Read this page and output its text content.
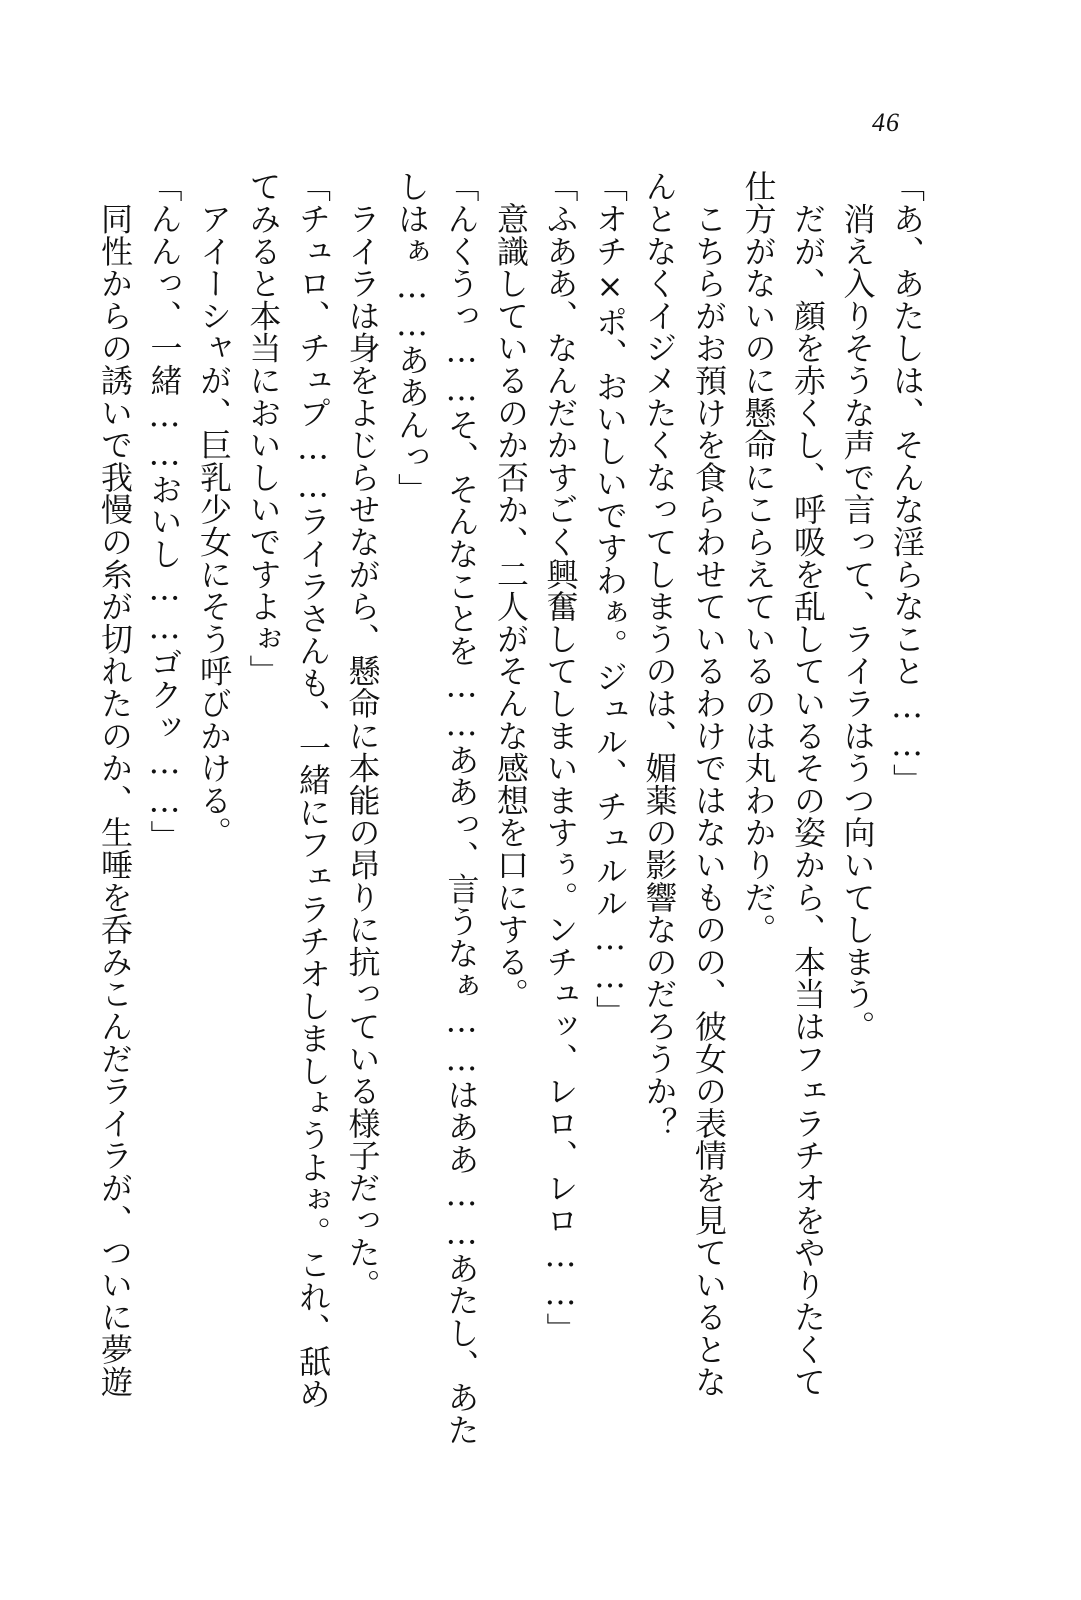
46
「あ、あたしは、そんな淫らなこと……」
　消え入りそうな声で言って、ライラはうつ向いてしまう。
　だが、顔を赤くし、呼吸を乱しているその姿から、本当はフェラチオをやりたくて
仕方がないのに懸命にこらえているのは丸わかりだ。
　こちらがお預けを食らわせているわけではないものの、彼女の表情を見ているとな
んとなくイジメたくなってしまうのは、媚薬の影響なのだろうか？
「オチ×ポ、おいしいですわぁ。ジュル、チュルル……」
「ふああ、なんだかすごく興奮してしまいますぅ。ンチュッ、レロ、レロ……」
　意識しているのか否か、二人がそんな感想を口にする。
「んくうっ……そ、そんなことを……ああっ、言うなぁ……はああ……あたし、あた
しはぁ……ああんっ」
　ライラは身をよじらせながら、懸命に本能の昂りに抗っている様子だった。
「チュロ、チュプ……ライラさんも、一緒にフェラチオしましょうよぉ。これ、舐め
てみると本当においしいですよぉ」
　アイーシャが、巨乳少女にそう呼びかける。
「んんっ、一緒……おいし……ゴクッ……」
　同性からの誘いで我慢の糸が切れたのか、生唾を呑みこんだライラが、ついに夢遊
